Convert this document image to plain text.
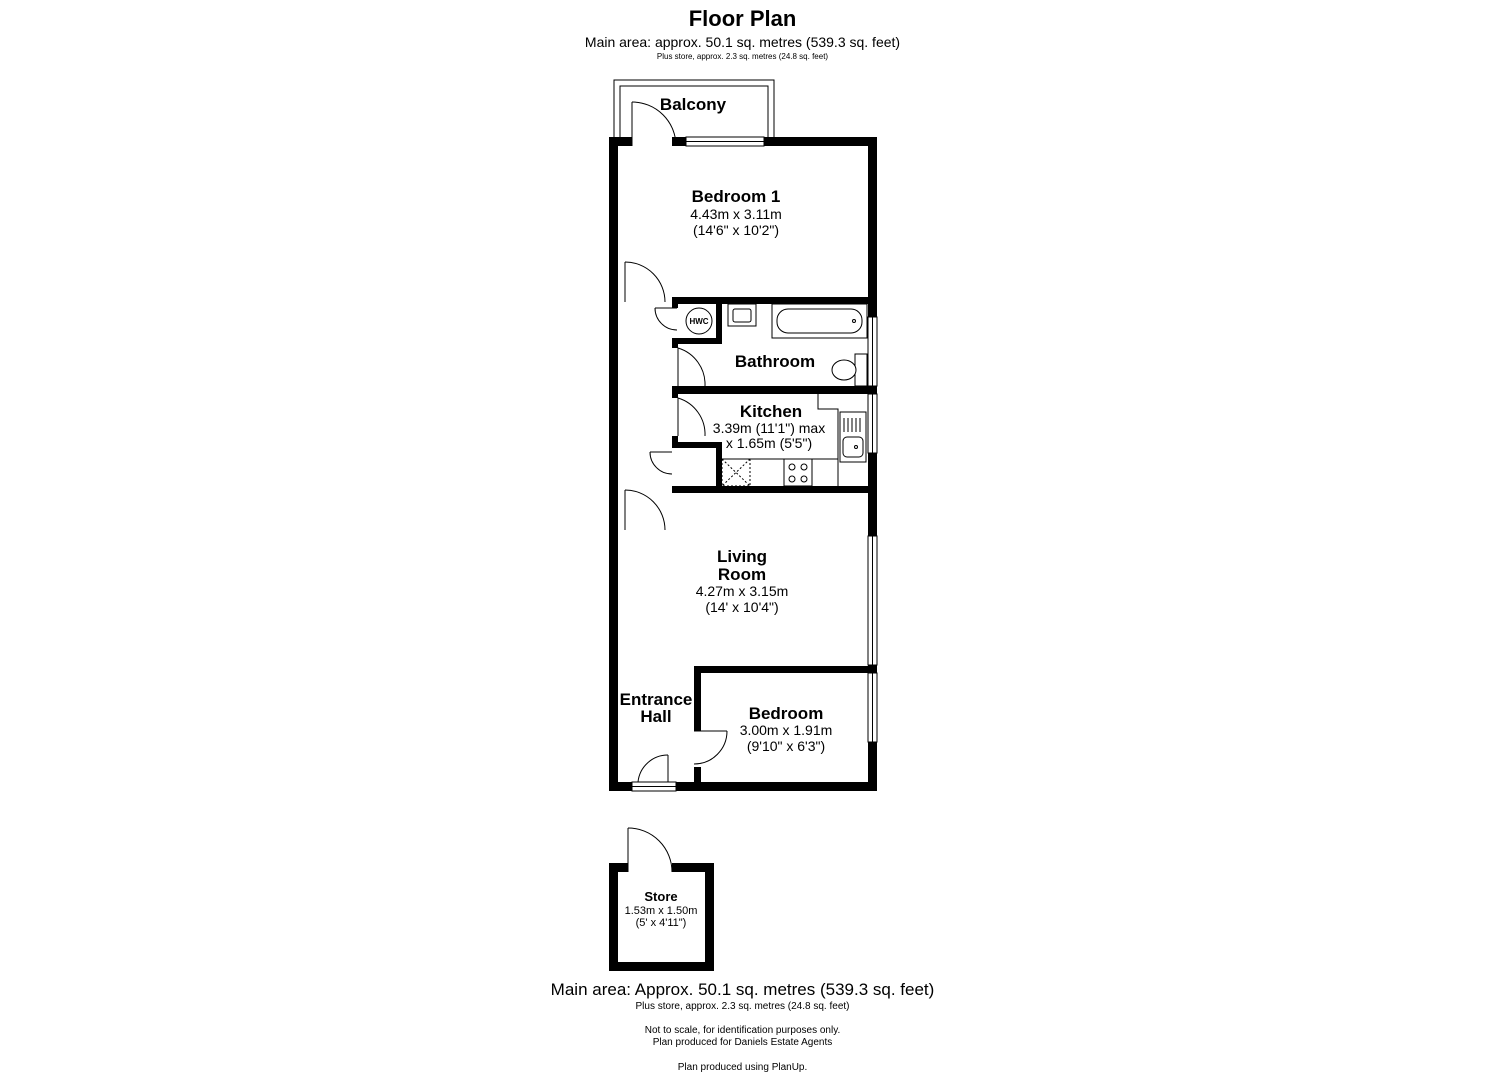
Floor Plan
Main area: approx. 50.1 sq. metres (539.3 sq. feet)
Plus store, approx. 2.3 sq. metres (24.8 sq. feet)
HWC
Balcony
Bedroom 1
4.43m x 3.11m
(14'6" x 10'2")
Bathroom
Kitchen
3.39m (11'1") max
x 1.65m (5'5")
Living
Room
4.27m x 3.15m
(14' x 10'4")
Entrance
Hall	Bedroom
3.00m x 1.91m
(9'10" x 6'3")
Store
1.53m x 1.50m
(5' x 4'11")
Main area: Approx. 50.1 sq. metres (539.3 sq. feet)
Plus store, approx. 2.3 sq. metres (24.8 sq. feet)
Not to scale, for identification purposes only.
Plan produced for Daniels Estate Agents
Plan produced using PlanUp.
